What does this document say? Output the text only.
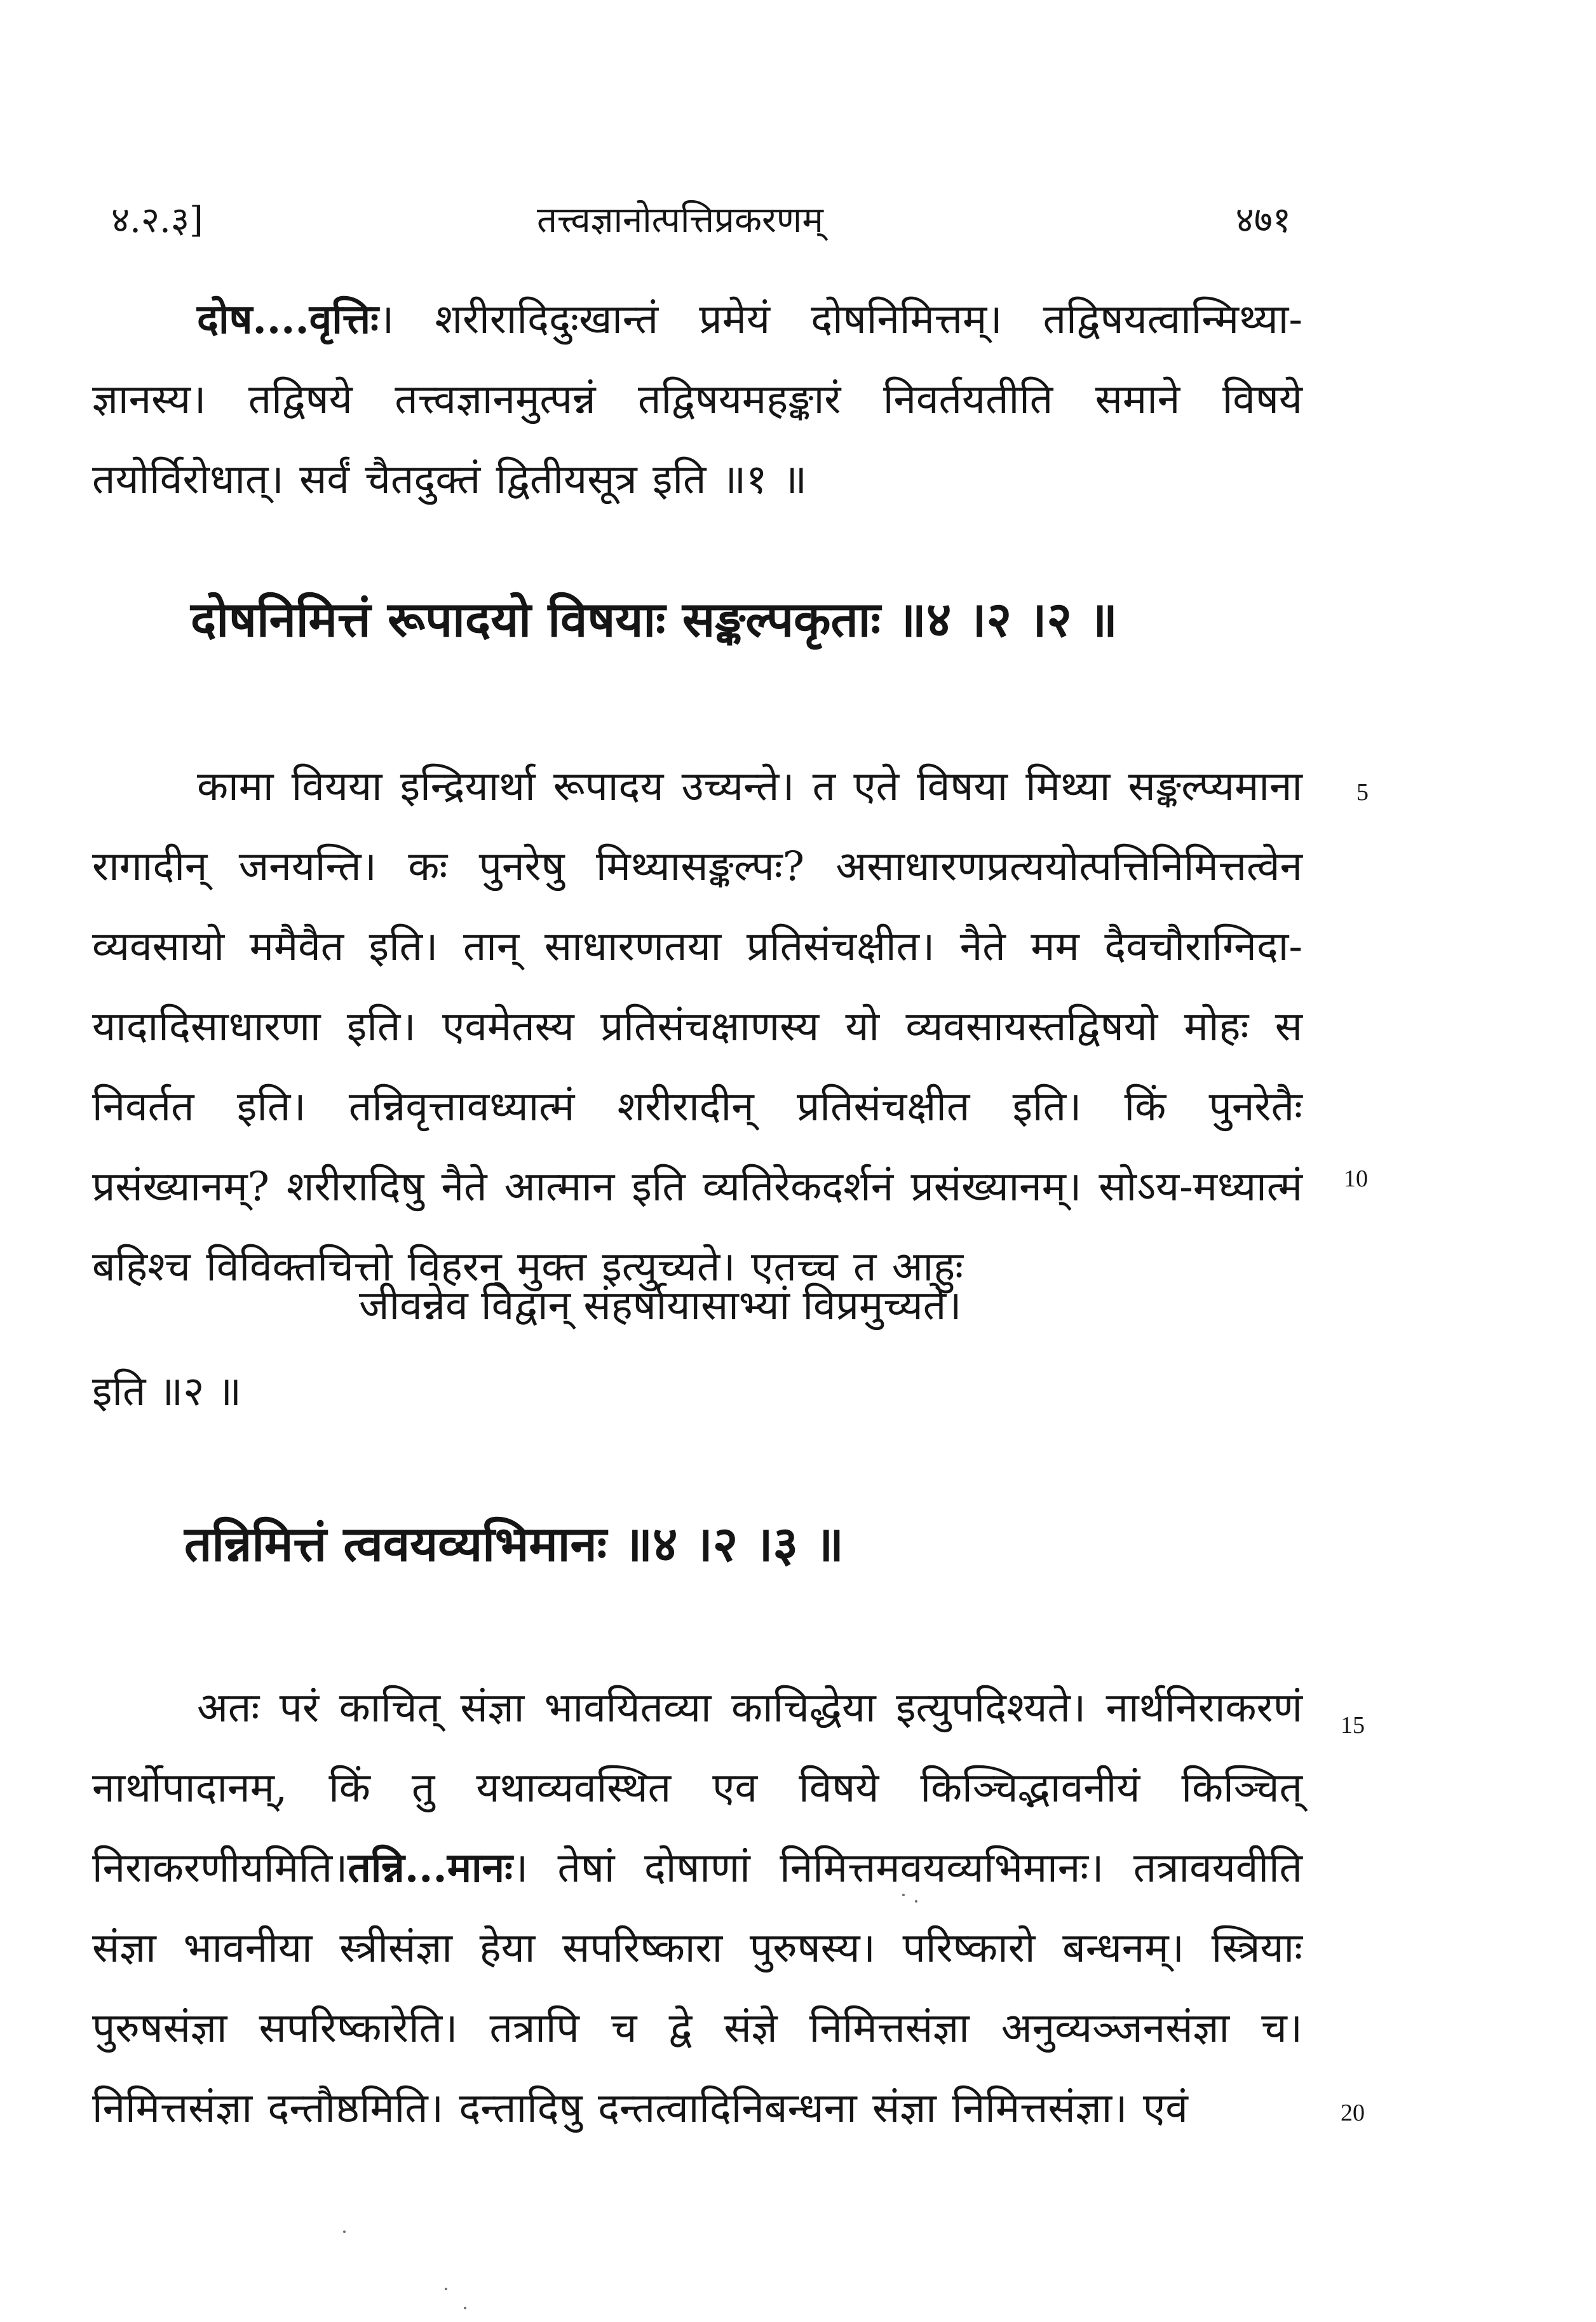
४.२.३]	तत्त्वज्ञानोत्पत्तिप्रकरणम्	४७१

दोष....वृत्तिः। शरीरादिदुःखान्तं प्रमेयं दोषनिमित्तम्। तद्विषयत्वान्मिथ्या-ज्ञानस्य। तद्विषये तत्त्वज्ञानमुत्पन्नं तद्विषयमहङ्कारं निवर्तयतीति समाने विषये तयोर्विरोधात्। सर्वं चैतदुक्तं द्वितीयसूत्र इति ॥१ ॥

दोषनिमित्तं रूपादयो विषयाः सङ्कल्पकृताः ॥४ ।२ ।२ ॥

कामा वियया इन्द्रियार्था रूपादय उच्यन्ते। त एते विषया मिथ्या सङ्कल्प्यमाना रागादीन् जनयन्ति। कः पुनरेषु मिथ्यासङ्कल्पः? असाधारणप्रत्ययोत्पत्तिनिमित्तत्वेन व्यवसायो ममैवैत इति। तान् साधारणतया प्रतिसंचक्षीत। नैते मम दैवचौराग्निदा-यादादिसाधारणा इति। एवमेतस्य प्रतिसंचक्षाणस्य यो व्यवसायस्तद्विषयो मोहः स निवर्तत इति। तन्निवृत्तावध्यात्मं शरीरादीन् प्रतिसंचक्षीत इति। किं पुनरेतैः प्रसंख्यानम्? शरीरादिषु नैते आत्मान इति व्यतिरेकदर्शनं प्रसंख्यानम्। सोऽय-मध्यात्मं बहिश्च विविक्तचित्तो विहरन् मुक्त इत्युच्यते। एतच्च त आहुः

जीवन्नेव विद्वान् संहर्षायासाभ्यां विप्रमुच्यते।
इति ॥२ ॥
तन्निमित्तं त्ववयव्यभिमानः ॥४ ।२ ।३ ॥

अतः परं काचित् संज्ञा भावयितव्या काचिद्धेया इत्युपदिश्यते। नार्थनिराकरणं नार्थोपादानम्, किं तु यथाव्यवस्थित एव विषये किञ्चिद्भावनीयं किञ्चित् निराकरणीयमिति।तन्नि...मानः। तेषां दोषाणां निमित्तमवयव्यभिमानः। तत्रावयवीति संज्ञा भावनीया स्त्रीसंज्ञा हेया सपरिष्कारा पुरुषस्य। परिष्कारो बन्धनम्। स्त्रियाः पुरुषसंज्ञा सपरिष्कारेति। तत्रापि च द्वे संज्ञे निमित्तसंज्ञा अनुव्यञ्जनसंज्ञा च। निमित्तसंज्ञा दन्तौष्ठमिति। दन्तादिषु दन्तत्वादिनिबन्धना संज्ञा निमित्तसंज्ञा। एवं

5
10
15
20
